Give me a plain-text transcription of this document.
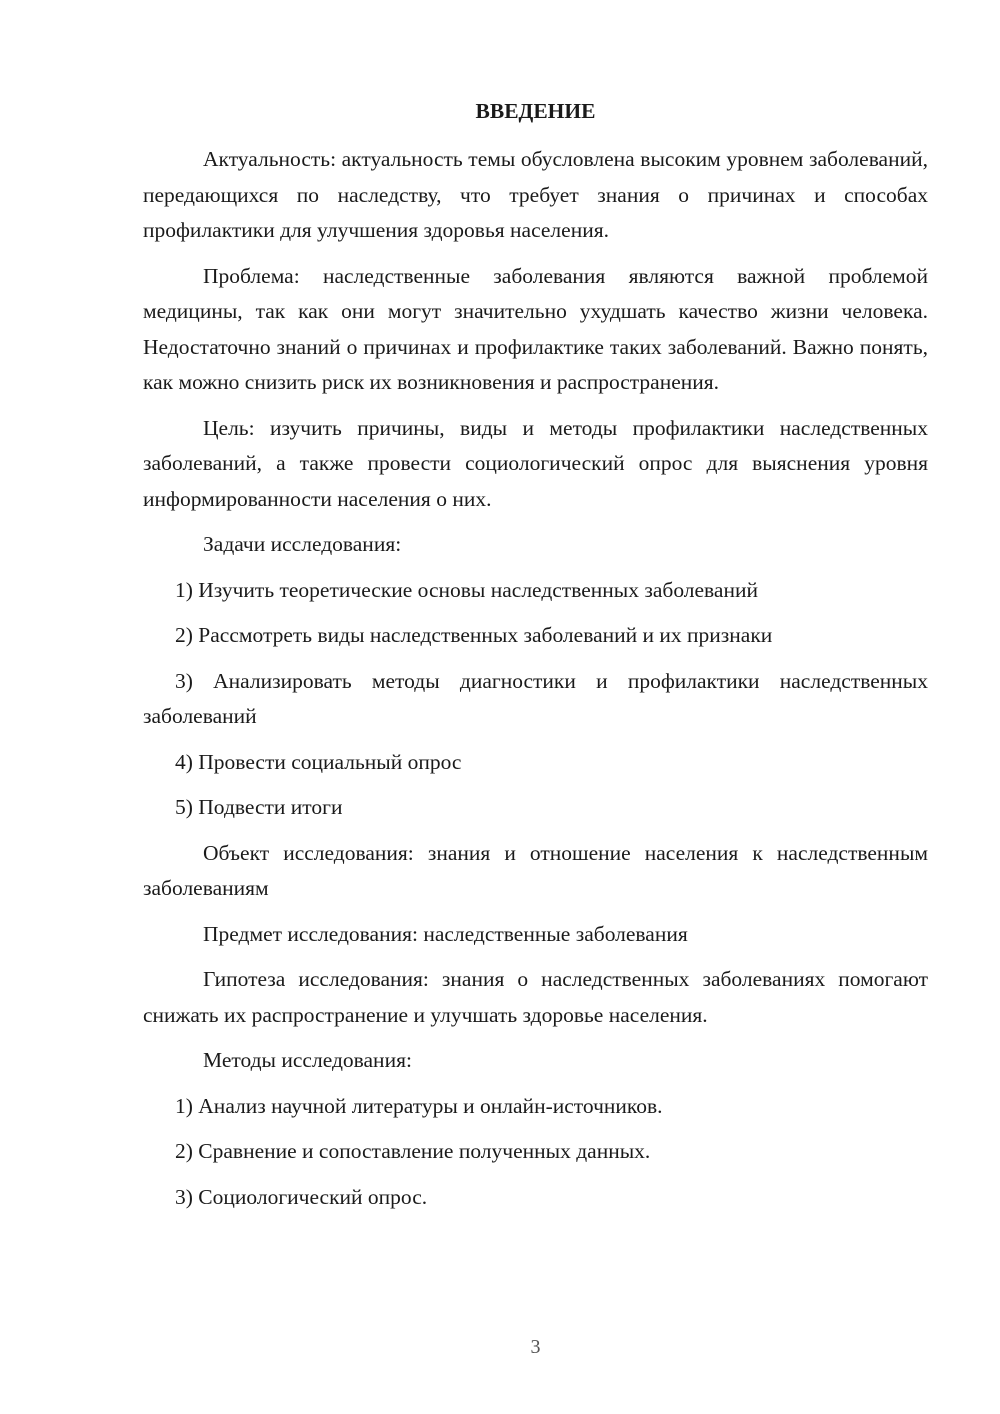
ВВЕДЕНИЕ

Актуальность: актуальность темы обусловлена высоким уровнем заболеваний, передающихся по наследству, что требует знания о причинах и способах профилактики для улучшения здоровья населения.

Проблема: наследственные заболевания являются важной проблемой медицины, так как они могут значительно ухудшать качество жизни человека. Недостаточно знаний о причинах и профилактике таких заболеваний. Важно понять, как можно снизить риск их возникновения и распространения.

Цель: изучить причины, виды и методы профилактики наследственных заболеваний, а также провести социологический опрос для выяснения уровня информированности населения о них.

Задачи исследования:

1) Изучить теоретические основы наследственных заболеваний

2) Рассмотреть виды наследственных заболеваний и их признаки

3) Анализировать методы диагностики и профилактики наследственных заболеваний

4) Провести социальный опрос

5) Подвести итоги

Объект исследования: знания и отношение населения к наследственным заболеваниям

Предмет исследования: наследственные заболевания

Гипотеза исследования: знания о наследственных заболеваниях помогают снижать их распространение и улучшать здоровье населения.

Методы исследования:

1) Анализ научной литературы и онлайн-источников.

2) Сравнение и сопоставление полученных данных.

3) Социологический опрос.

3
